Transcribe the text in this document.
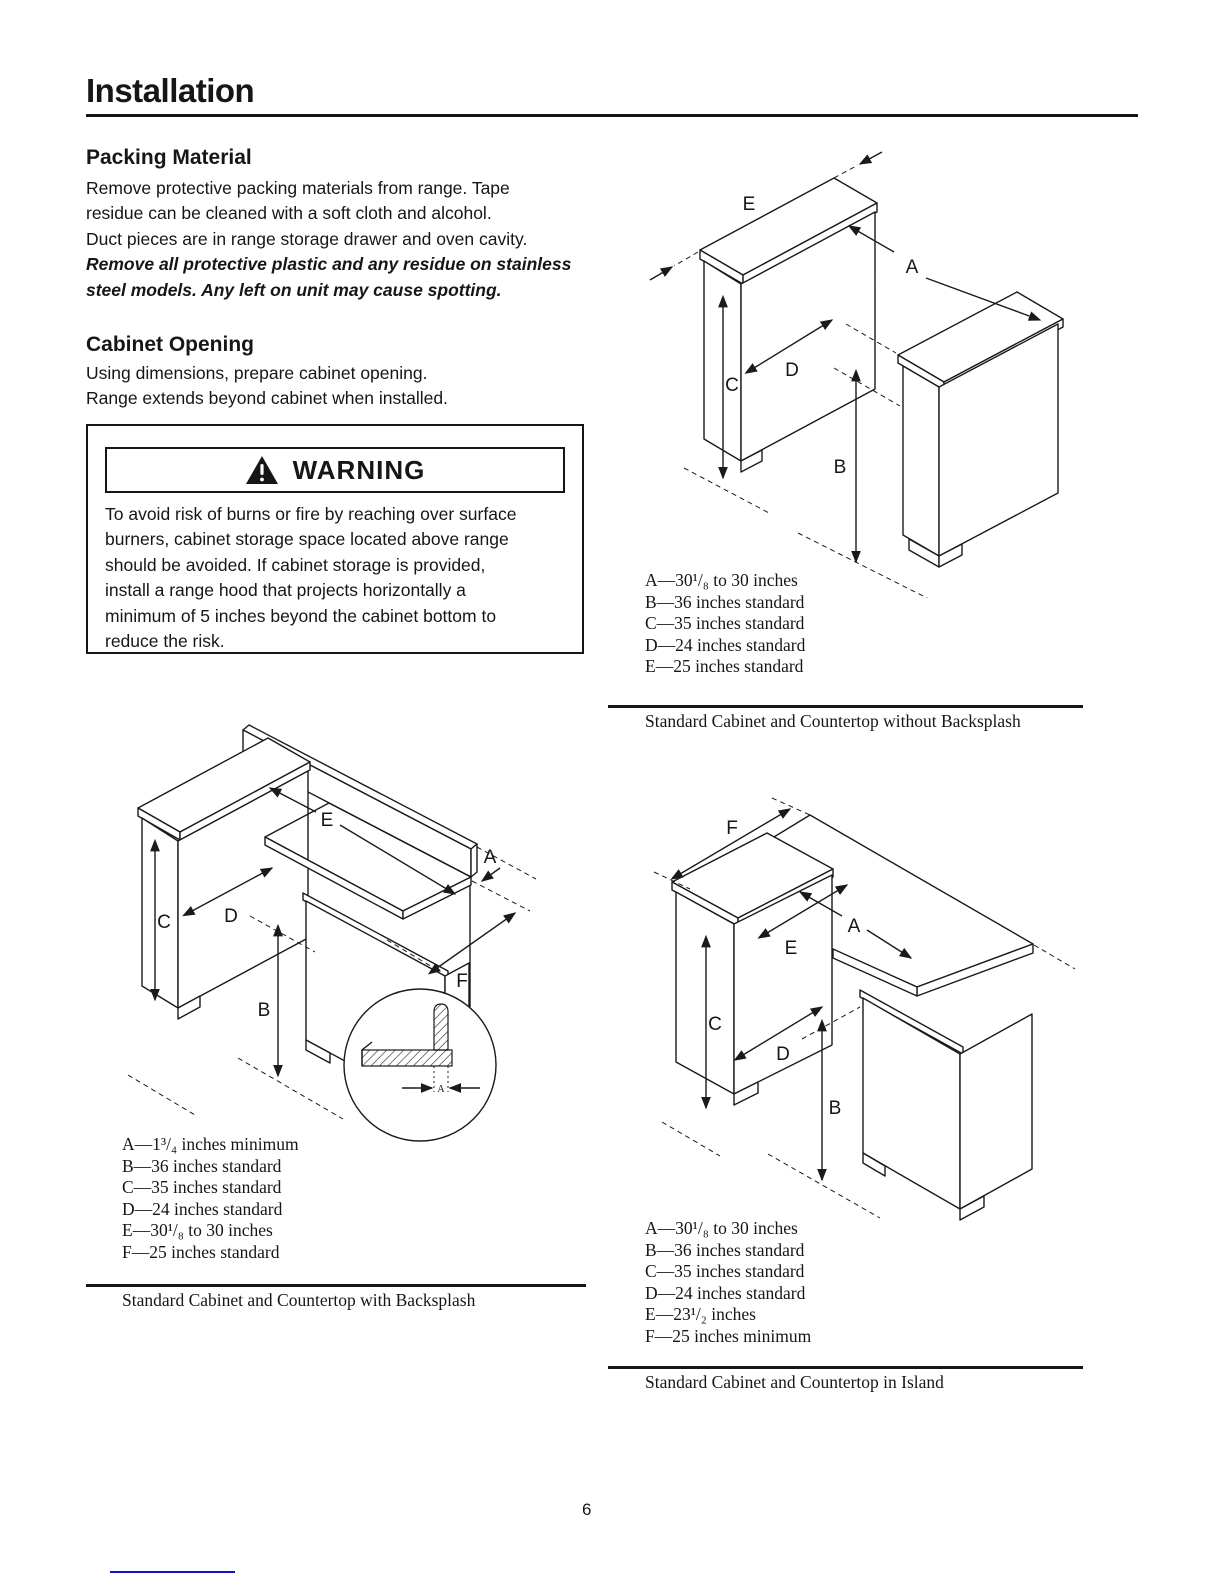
Installation
Packing Material
Remove protective packing materials from range. Tape
residue can be cleaned with a soft cloth and alcohol.
Duct pieces are in range storage drawer and oven cavity.
Remove all protective plastic and any residue on stainless
steel models. Any left on unit may cause spotting.
Cabinet Opening
Using dimensions, prepare cabinet opening.
Range extends beyond cabinet when installed.
WARNING
To avoid risk of burns or fire by reaching over surface
burners, cabinet storage space located above range
should be avoided. If cabinet storage is provided,
install a range hood that projects horizontally a
minimum of 5 inches beyond the cabinet bottom to
reduce the risk.
E
A
C
D
B
A—30¹/₈ to 30 inches
B—36 inches standard
C—35 inches standard
D—24 inches standard
E—25 inches standard
Standard Cabinet and Countertop without Backsplash
A
C	D
E
A
F
B
A—1³/₄ inches minimum
B—36 inches standard
C—35 inches standard
D—24 inches standard
E—30¹/₈ to 30 inches
F—25 inches standard
Standard Cabinet and Countertop with Backsplash
F
E
A
C
D
B
A—30¹/₈ to 30 inches
B—36 inches standard
C—35 inches standard
D—24 inches standard
E—23¹/₂ inches
F—25 inches minimum
Standard Cabinet and Countertop in Island
6
